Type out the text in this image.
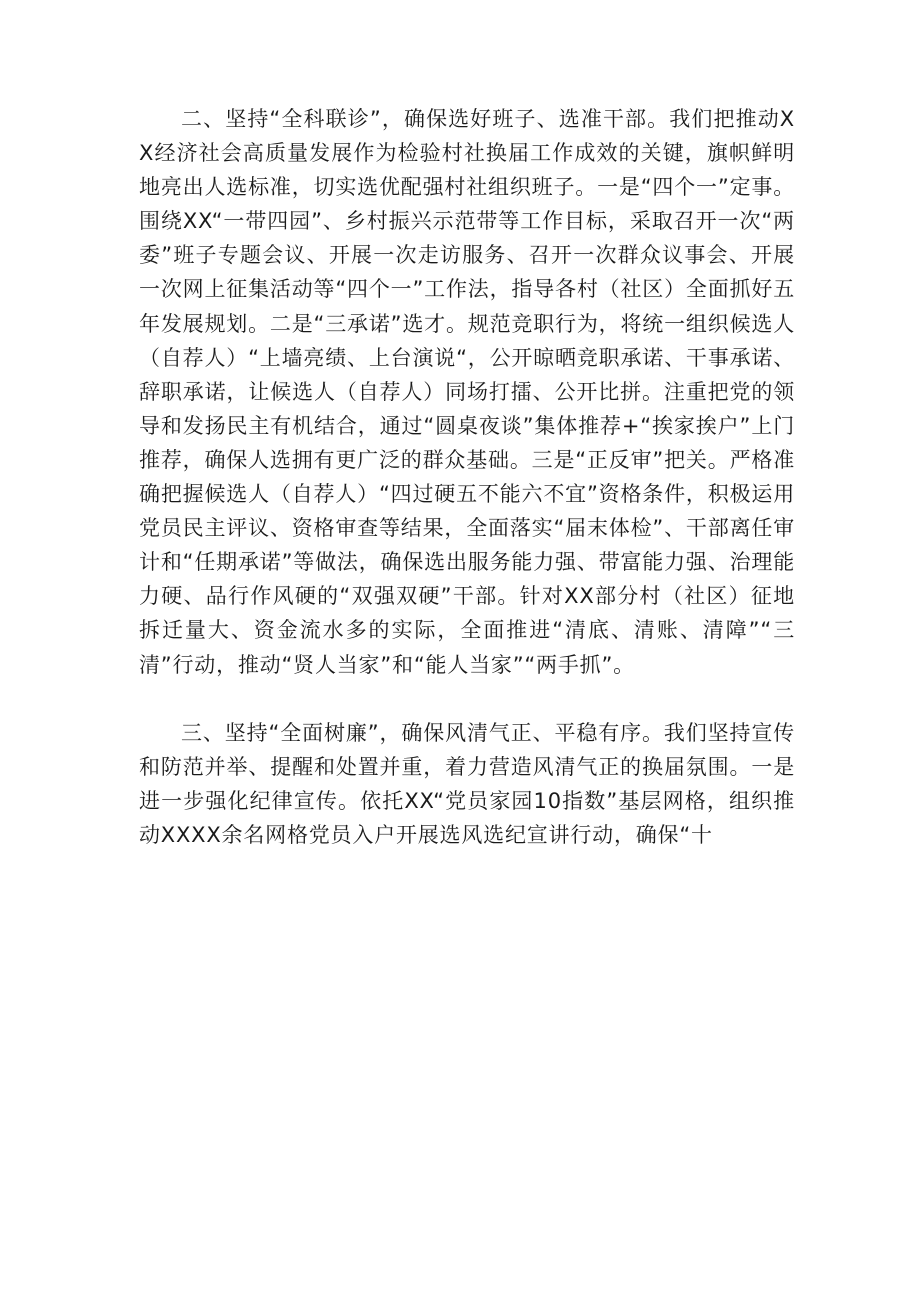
二、坚持“全科联诊”，确保选好班子、选准干部。我们把推动XX经济社会高质量发展作为检验村社换届工作成效的关键，旗帜鲜明地亮出人选标准，切实选优配强村社组织班子。一是“四个一”定事。围绕XX“一带四园”、乡村振兴示范带等工作目标，采取召开一次“两委”班子专题会议、开展一次走访服务、召开一次群众议事会、开展一次网上征集活动等“四个一”工作法，指导各村（社区）全面抓好五年发展规划。二是“三承诺”选才。规范竞职行为，将统一组织候选人（自荐人）“上墙亮绩、上台演说“，公开晾晒竞职承诺、干事承诺、辞职承诺，让候选人（自荐人）同场打擂、公开比拼。注重把党的领导和发扬民主有机结合，通过“圆桌夜谈”集体推荐+“挨家挨户”上门推荐，确保人选拥有更广泛的群众基础。三是“正反审”把关。严格准确把握候选人（自荐人）“四过硬五不能六不宜”资格条件，积极运用党员民主评议、资格审查等结果，全面落实“届末体检”、干部离任审计和“任期承诺”等做法，确保选出服务能力强、带富能力强、治理能力硬、品行作风硬的“双强双硬”干部。针对XX部分村（社区）征地拆迁量大、资金流水多的实际，全面推进“清底、清账、清障”“三清”行动，推动“贤人当家”和“能人当家”“两手抓”。

三、坚持“全面树廉”，确保风清气正、平稳有序。我们坚持宣传和防范并举、提醒和处置并重，着力营造风清气正的换届氛围。一是进一步强化纪律宣传。依托XX“党员家园10指数”基层网格，组织推动XXXX余名网格党员入户开展选风选纪宣讲行动，确保“十
